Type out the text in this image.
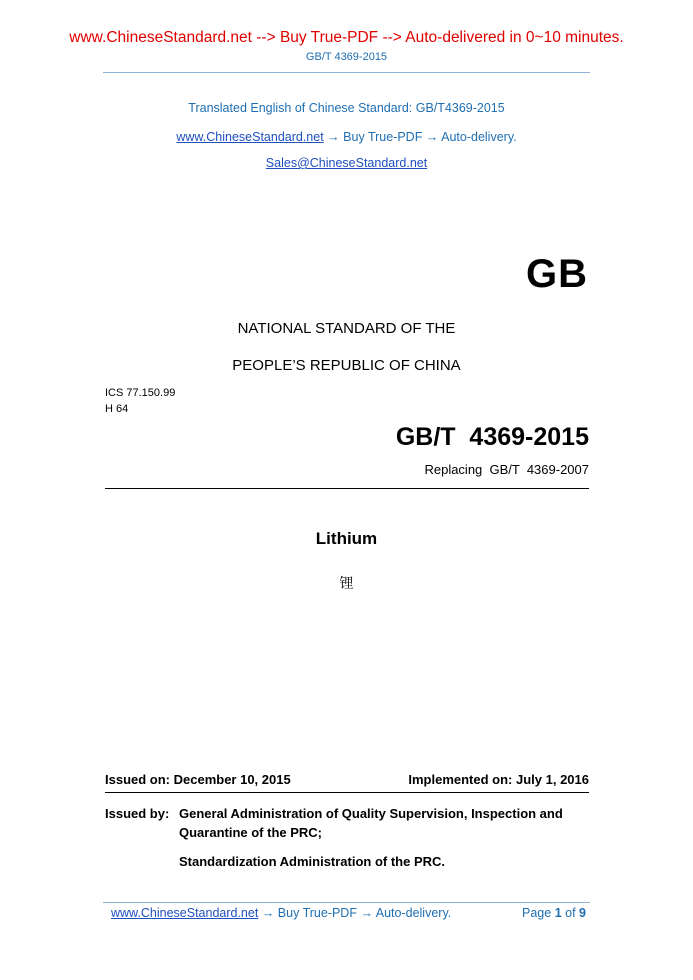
www.ChineseStandard.net --> Buy True-PDF --> Auto-delivered in 0~10 minutes.
GB/T 4369-2015
Translated English of Chinese Standard: GB/T4369-2015
www.ChineseStandard.net → Buy True-PDF → Auto-delivery.
Sales@ChineseStandard.net
GB
NATIONAL STANDARD OF THE
PEOPLE’S REPUBLIC OF CHINA
ICS 77.150.99
H 64
GB/T  4369-2015
Replacing  GB/T  4369-2007
Lithium
锂
Issued on: December 10, 2015	Implemented on: July 1, 2016
Issued by: General Administration of Quality Supervision, Inspection and
Quarantine of the PRC;
Standardization Administration of the PRC.
www.ChineseStandard.net → Buy True-PDF → Auto-delivery.	Page 1 of 9
